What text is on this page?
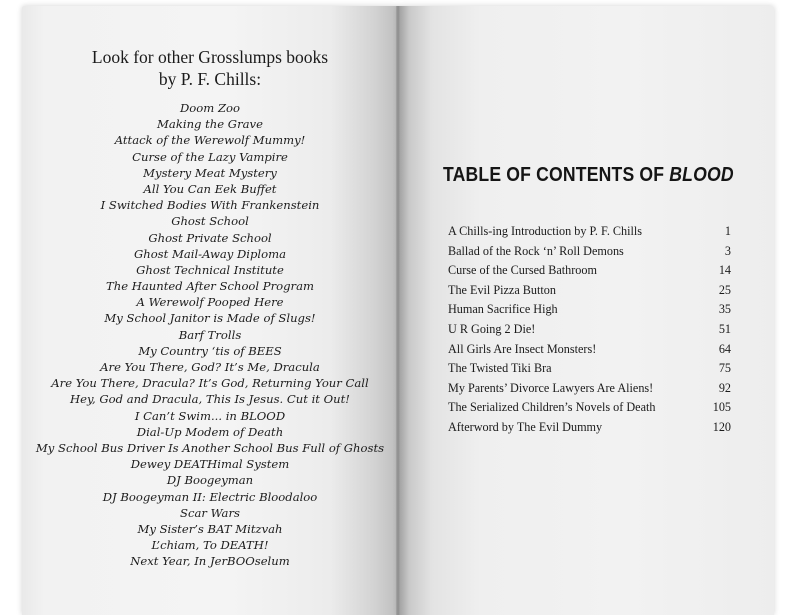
Look for other Grosslumps books
by P. F. Chills:
Doom Zoo
Making the Grave
Attack of the Werewolf Mummy!
Curse of the Lazy Vampire
Mystery Meat Mystery
All You Can Eek Buffet
I Switched Bodies With Frankenstein
Ghost School
Ghost Private School
Ghost Mail-Away Diploma
Ghost Technical Institute
The Haunted After School Program
A Werewolf Pooped Here
My School Janitor is Made of Slugs!
Barf Trolls
My Country ‘tis of BEES
Are You There, God? It’s Me, Dracula
Are You There, Dracula? It’s God, Returning Your Call
Hey, God and Dracula, This Is Jesus. Cut it Out!
I Can’t Swim... in BLOOD
Dial-Up Modem of Death
My School Bus Driver Is Another School Bus Full of Ghosts
Dewey DEATHimal System
DJ Boogeyman
DJ Boogeyman II: Electric Bloodaloo
Scar Wars
My Sister’s BAT Mitzvah
L’chiam, To DEATH!
Next Year, In JerBOOselum
TABLE OF CONTENTS OF BLOOD
A Chills-ing Introduction by P. F. Chills	1
Ballad of the Rock ‘n’ Roll Demons	3
Curse of the Cursed Bathroom	14
The Evil Pizza Button	25
Human Sacrifice High	35
U R Going 2 Die!	51
All Girls Are Insect Monsters!	64
The Twisted Tiki Bra	75
My Parents’ Divorce Lawyers Are Aliens!	92
The Serialized Children’s Novels of Death	105
Afterword by The Evil Dummy	120
